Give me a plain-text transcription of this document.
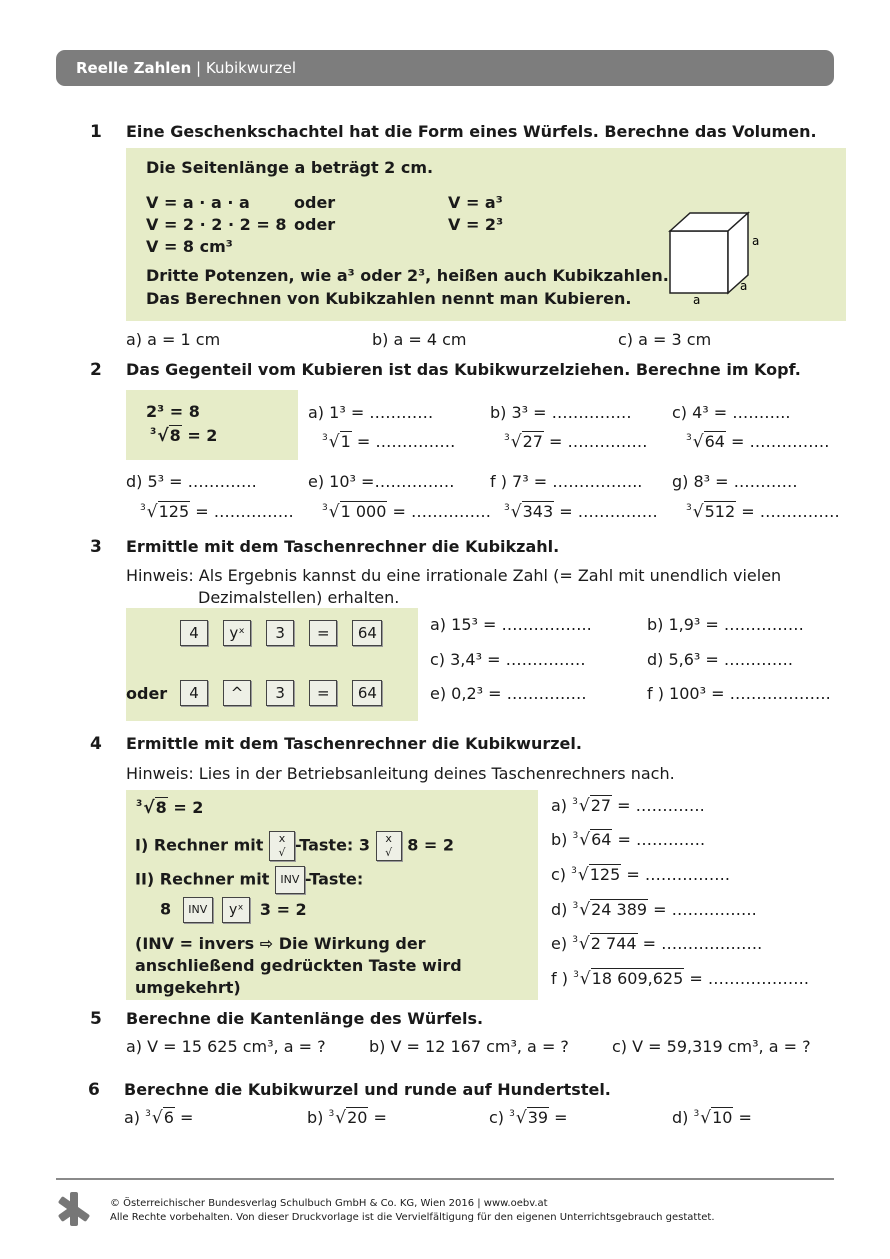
Reelle Zahlen | Kubikwurzel
1 Eine Geschenkschachtel hat die Form eines Würfels. Berechne das Volumen.
Die Seitenlänge a beträgt 2 cm.
V = a · a · a	oder	V = a³
V = 2 · 2 · 2 = 8 oder	V = 2³
V = 8 cm³
Dritte Potenzen, wie a³ oder 2³, heißen auch Kubikzahlen.
Das Berechnen von Kubikzahlen nennt man Kubieren.
a
a
a
a) a = 1 cm	b) a = 4 cm	c) a = 3 cm
2 Das Gegenteil vom Kubieren ist das Kubikwurzelziehen. Berechne im Kopf.
2³ = 8
$^3$√8 = 2
a) 1³ = …………
$^3$√1 = ……………
b) 3³ = ……………
$^3$√27 = ……………
c) 4³ = ………..
$^3$√64 = ……………
d) 5³ = ………….
$^3$√125 = ……………
e) 10³ =……………
$^3$√1 000 = ……………
f ) 7³ = ……………..
$^3$√343 = ……………
g) 8³ = …………
$^3$√512 = ……………
3 Ermittle mit dem Taschenrechner die Kubikzahl.
Hinweis: Als Ergebnis kannst du eine irrationale Zahl (= Zahl mit unendlich vielen
Dezimalstellen) erhalten.
4 yˣ 3 = 64
oder	4 ^ 3 = 64
a) 15³ = ……………..	b) 1,9³ = ……………
c) 3,4³ = ……………	d) 5,6³ = ………….
e) 0,2³ = ……………	f ) 100³ = ……………….
4 Ermittle mit dem Taschenrechner die Kubikwurzel.
Hinweis: Lies in der Betriebsanleitung deines Taschenrechners nach.
$^3$√8 = 2
I) Rechner mit x
√ -Taste: 3 x
√ 8 = 2
II) Rechner mit INV -Taste:
8 INV yˣ 3 = 2
(INV = invers ⇨ Die Wirkung der
anschließend gedrückten Taste wird
umgekehrt)
a) $^3$√27 = ………….
b) $^3$√64 = ………….
c) $^3$√125 = …………….
d) $^3$√24 389 = …………….
e) $^3$√2 744 = ……………….
f ) $^3$√18 609,625 = ……………….
5 Berechne die Kantenlänge des Würfels.
a) V = 15 625 cm³, a = ?	b) V = 12 167 cm³, a = ?	c) V = 59,319 cm³, a = ?
6 Berechne die Kubikwurzel und runde auf Hundertstel.
a) $^3$√6 =	b) $^3$√20 =	c) $^3$√39 =	d) $^3$√10 =
© Österreichischer Bundesverlag Schulbuch GmbH & Co. KG, Wien 2016 | www.oebv.at
Alle Rechte vorbehalten. Von dieser Druckvorlage ist die Vervielfältigung für den eigenen Unterrichtsgebrauch gestattet.
